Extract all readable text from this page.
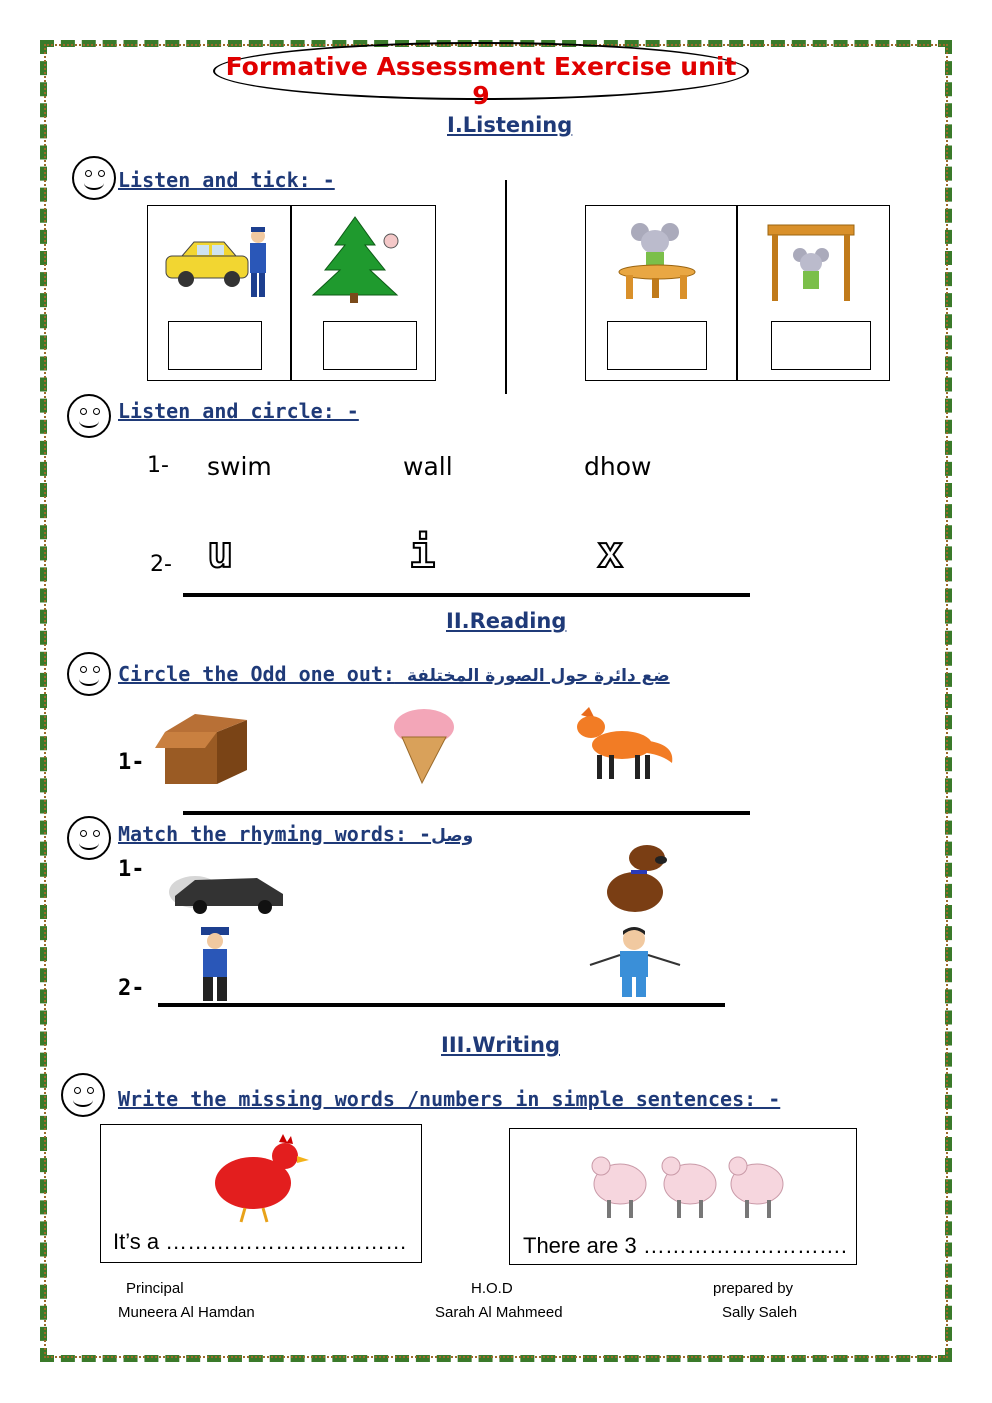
Formative Assessment Exercise unit 9
I.Listening
Listen and tick: -
Listen and circle: -
1- swim	wall	dhow
2- u	i	x
II.Reading
Circle the Odd one out: ضع دائرة حول الصورة المختلفة
1-
Match the rhyming words: -وصل
1-
2-
III.Writing
Write the missing words /numbers in simple sentences: -
It’s a ……………………………	There are 3 ……………………….
Principal
Muneera Al Hamdan
H.O.D
Sarah Al Mahmeed
prepared by
Sally Saleh
